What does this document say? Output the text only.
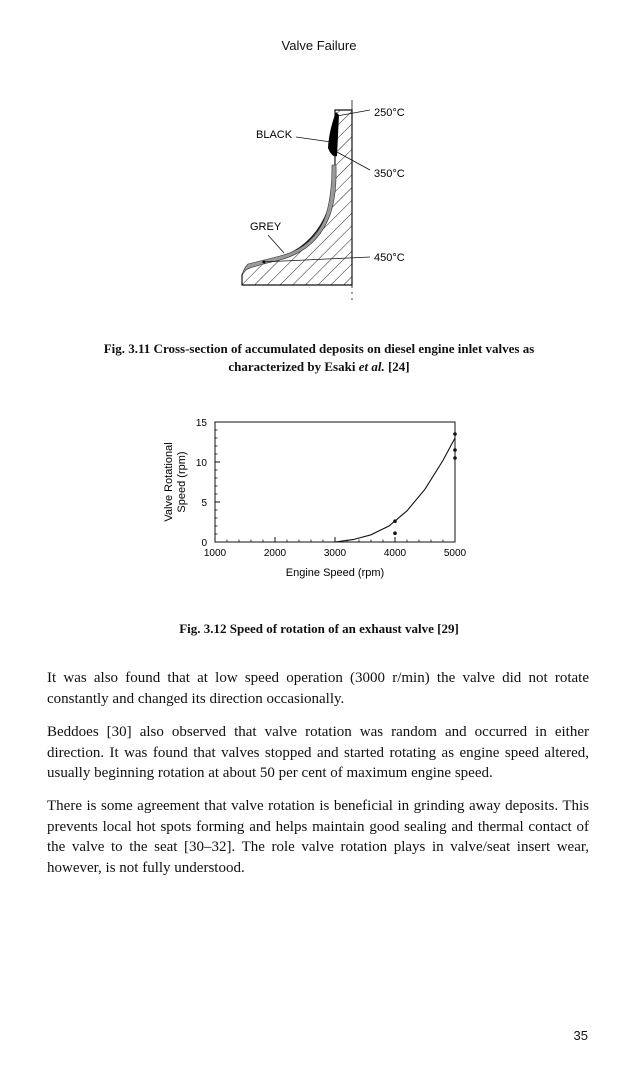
Valve Failure
BLACK
GREY
250°C
350°C
450°C
Fig. 3.11 Cross-section of accumulated deposits on diesel engine inlet valves as
characterized by Esaki et al. [24]
1000	2000	3000	4000	5000
0
5
10
15
Valve Rotational Speed (rpm)
Engine Speed (rpm)
Fig. 3.12 Speed of rotation of an exhaust valve [29]

It was also found that at low speed operation (3000 r/min) the valve did not rotate constantly and changed its direction occasionally.

Beddoes [30] also observed that valve rotation was random and occurred in either direction. It was found that valves stopped and started rotating as engine speed altered, usually beginning rotation at about 50 per cent of maximum engine speed.

There is some agreement that valve rotation is beneficial in grinding away deposits. This prevents local hot spots forming and helps maintain good sealing and thermal contact of the valve to the seat [30–32]. The role valve rotation plays in valve/seat insert wear, however, is not fully understood.

35
